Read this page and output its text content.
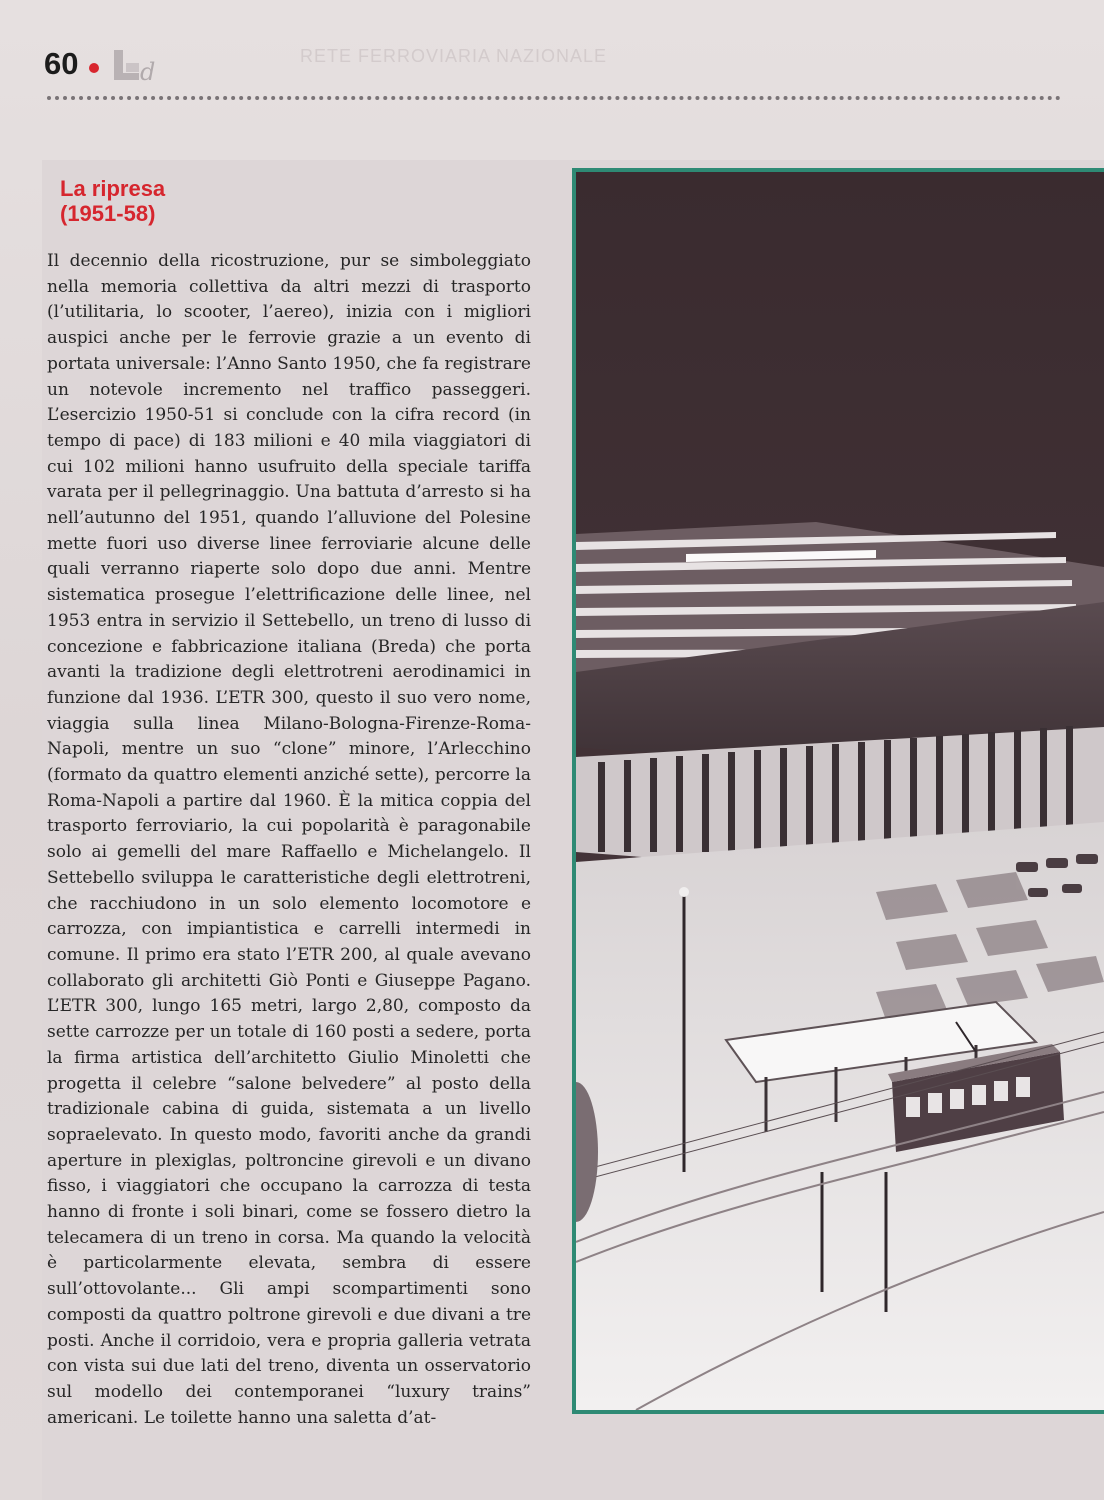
RETE FERROVIARIA NAZIONALE
60	d
La ripresa
(1951-58)

Il decennio della ricostruzione, pur se simboleggiato nella memoria collettiva da altri mezzi di trasporto (l’utilitaria, lo scooter, l’aereo), inizia con i migliori auspici anche per le ferrovie grazie a un evento di portata universale: l’Anno Santo 1950, che fa registrare un notevole incremento nel traffico passeggeri. L’esercizio 1950-51 si conclude con la cifra record (in tempo di pace) di 183 milioni e 40 mila viaggiatori di cui 102 milioni hanno usufruito della speciale tariffa varata per il pellegrinaggio. Una battuta d’arresto si ha nell’autunno del 1951, quando l’alluvione del Polesine mette fuori uso diverse linee ferroviarie alcune delle quali verranno riaperte solo dopo due anni. Mentre sistematica prosegue l’elettrificazione delle linee, nel 1953 entra in servizio il Settebello, un treno di lusso di concezione e fabbricazione italiana (Breda) che porta avanti la tradizione degli elettrotreni aerodinamici in funzione dal 1936. L’ETR 300, questo il suo vero nome, viaggia sulla linea Milano-Bologna-Firenze-Roma-Napoli, mentre un suo “clone” minore, l’Arlecchino (formato da quattro elementi anziché sette), percorre la Roma-Napoli a partire dal 1960. È la mitica coppia del trasporto ferroviario, la cui popolarità è paragonabile solo ai gemelli del mare Raffaello e Michelangelo. Il Settebello sviluppa le caratteristiche degli elettrotreni, che racchiudono in un solo elemento locomotore e carrozza, con impiantistica e carrelli intermedi in comune. Il primo era stato l’ETR 200, al quale avevano collaborato gli architetti Giò Ponti e Giuseppe Pagano. L’ETR 300, lungo 165 metri, largo 2,80, composto da sette carrozze per un totale di 160 posti a sedere, porta la firma artistica dell’architetto Giulio Minoletti che progetta il celebre “salone belvedere” al posto della tradizionale cabina di guida, sistemata a un livello sopraelevato. In questo modo, favoriti anche da grandi aperture in plexiglas, poltroncine girevoli e un divano fisso, i viaggiatori che occupano la carrozza di testa hanno di fronte i soli binari, come se fossero dietro la telecamera di un treno in corsa. Ma quando la velocità è particolarmente elevata, sembra di essere sull’ottovolante... Gli ampi scompartimenti sono composti da quattro poltrone girevoli e due divani a tre posti. Anche il corridoio, vera e propria galleria vetrata con vista sui due lati del treno, diventa un osservatorio sul modello dei contemporanei “luxury trains” americani. Le toilette hanno una saletta d’at-
